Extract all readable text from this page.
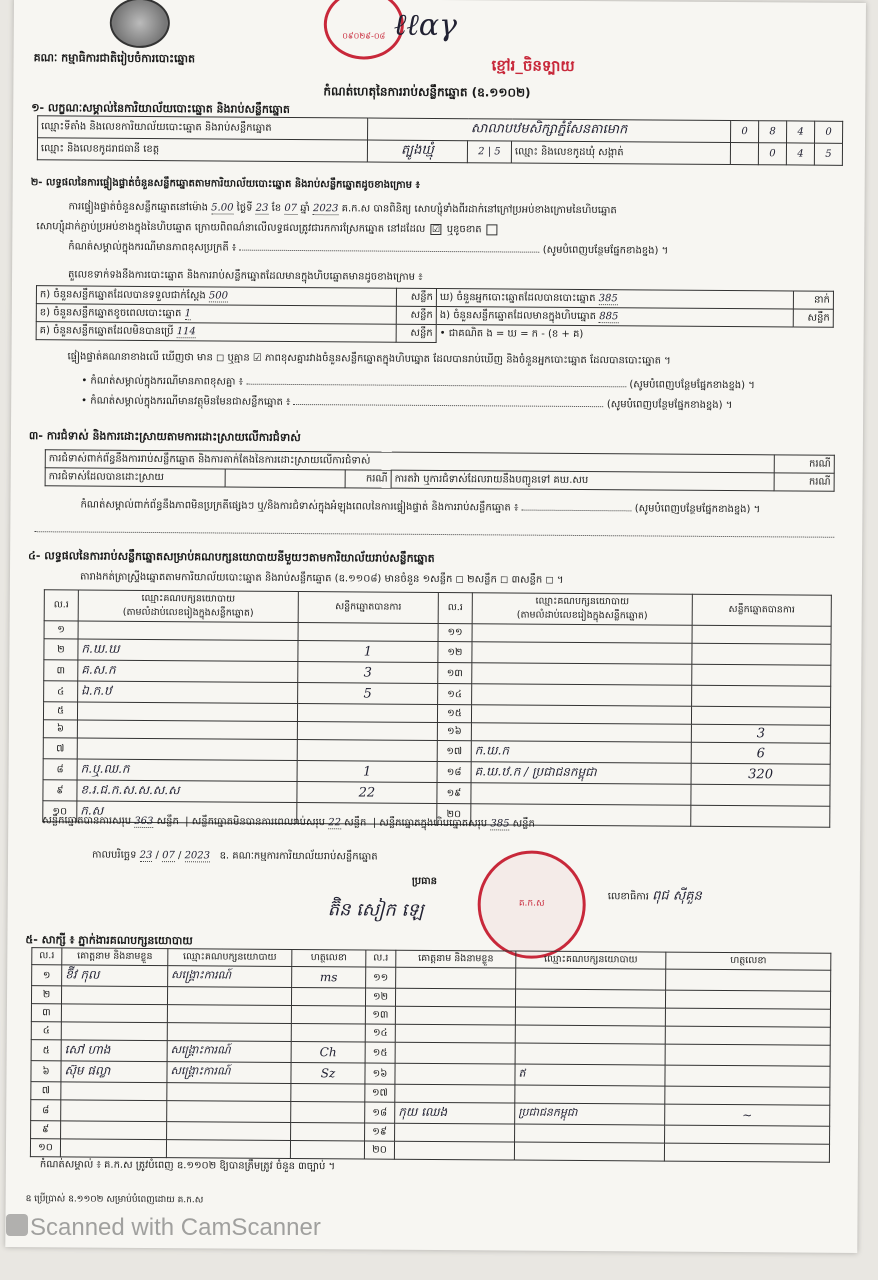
គណៈ កម្មាធិការជាតិរៀបចំការបោះឆ្នោត
០៩០២៩-០៨ ℓℓαγ
ខ្មៅរ_ចិនទ្បាយ
កំណត់ហេតុនៃការរាប់សន្លឹកឆ្នោត (ឧ.១១០២)
១- លក្ខណៈសម្គាល់នៃការិយាល័យបោះឆ្នោត និងរាប់សន្លឹកឆ្នោត
ឈ្មោះទីតាំង និងលេខការិយាល័យបោះឆ្នោត និងរាប់សន្លឹកឆ្នោត	សាលាបឋមសិក្សាភ្នំសែនតាមោក			0	8	4	0
ឈ្មោះ និងលេខកូដរាជធានី ខេត្ត	ត្បូងឃ្មុំ	2 | 5	ឈ្មោះ និងលេខកូដឃុំ សង្កាត់		0	4	5
២- លទ្ធផលនៃការផ្ទៀងផ្ទាត់ចំនួនសន្លឹកឆ្នោតតាមការិយាល័យបោះឆ្នោត និងរាប់សន្លឹកឆ្នោតដូចខាងក្រោម ៖
ការផ្ទៀងផ្ទាត់ចំនួនសន្លឹកឆ្នោតនៅម៉ោង 5.00 ថ្ងៃទី 23 ខែ 07 ឆ្នាំ 2023 គ.ក.ស បានពិនិត្យ សោហ្សុំទាំងពីរដាក់នៅក្រៅប្រអប់ខាងក្រោមនៃហិបឆ្នោត
សោហ្សុំដាក់ភ្ជាប់ប្រអប់ខាងក្នុងនៃហិបឆ្នោត ក្រោយពិពណ៌នាលើលទ្ធផលត្រូវជារកការស្រែកឆ្នោត នៅដដែល ☑ ឬខូចខាត
កំណត់សម្គាល់ក្នុងករណីមានភាពខុសប្រក្រតី ៖	(សូមបំពេញបន្ថែមផ្នែកខាងខ្នង) ។
តួលេខទាក់ទងនឹងការបោះឆ្នោត និងការរាប់សន្លឹកឆ្នោតដែលមានក្នុងហិបឆ្នោតមានដូចខាងក្រោម ៖
ក) ចំនួនសន្លឹកឆ្នោតដែលបានទទួលជាក់ស្ដែង 500	សន្លឹក	ឃ) ចំនួនអ្នកបោះឆ្នោតដែលបានបោះឆ្នោត 385	នាក់
ខ) ចំនួនសន្លឹកឆ្នោតខូចពេលបោះឆ្នោត 1	សន្លឹក	ង) ចំនួនសន្លឹកឆ្នោតដែលមានក្នុងហិបឆ្នោត 885	សន្លឹក
គ) ចំនួនសន្លឹកឆ្នោតដែលមិនបានប្រើ 114	សន្លឹក	• ជាគណិត ង = ឃ = ក - (ខ + គ)	
ផ្ទៀងផ្ទាត់គណនាខាងលើ ឃើញថា មាន ◻ ឬគ្មាន ☑ ភាពខុសគ្នារវាងចំនួនសន្លឹកឆ្នោតក្នុងហិបឆ្នោត ដែលបានរាប់ឃើញ និងចំនួនអ្នកបោះឆ្នោត ដែលបានបោះឆ្នោត ។
• កំណត់សម្គាល់ក្នុងករណីមានភាពខុសគ្នា ៖	(សូមបំពេញបន្ថែមផ្នែកខាងខ្នង) ។
• កំណត់សម្គាល់ក្នុងករណីមានវត្ថុមិនមែនជាសន្លឹកឆ្នោត ៖	(សូមបំពេញបន្ថែមផ្នែកខាងខ្នង) ។
៣- ការជំទាស់ និងការដោះស្រាយតាមការដោះស្រាយលើការជំទាស់
ការជំទាស់ពាក់ព័ន្ធនឹងការរាប់សន្លឹកឆ្នោត និងការតាក់តែងនៃការដោះស្រាយលើការជំទាស់				ករណី
ការជំទាស់ដែលបានដោះស្រាយ		ករណី	ការតវ៉ា ឬការជំទាស់ដែលរាយនឹងបញ្ជូនទៅ គឃ.សប	ករណី
កំណត់សម្គាល់ពាក់ព័ន្ធនឹងភាពមិនប្រក្រតីផ្សេងៗ ឬ/និងការជំទាស់ក្នុងអំឡុងពេលនៃការផ្ទៀងផ្ទាត់ និងការរាប់សន្លឹកឆ្នោត ៖	(សូមបំពេញបន្ថែមផ្នែកខាងខ្នង) ។
៤- លទ្ធផលនៃការរាប់សន្លឹកឆ្នោតសម្រាប់គណបក្សនយោបាយនីមួយៗតាមការិយាល័យរាប់សន្លឹកឆ្នោត
តារាងកត់ត្រាស្ទ្រីងឆ្នោតតាមការិយាល័យបោះឆ្នោត និងរាប់សន្លឹកឆ្នោត (ឧ.១១០៨) មានចំនួន ១សន្លឹក ◻ ២សន្លឹក ◻ ៣សន្លឹក ◻ ។
ល.រ	ឈ្មោះគណបក្សនយោបាយ
(តាមលំដាប់លេខរៀងក្នុងសន្លឹកឆ្នោត)	សន្លឹកឆ្នោតបានការ	ល.រ	ឈ្មោះគណបក្សនយោបាយ
(តាមលំដាប់លេខរៀងក្នុងសន្លឹកឆ្នោត)	សន្លឹកឆ្នោតបានការ
១			១១		
២	ក.ឃ.ឃ	1	១២		
៣	គ.ស.ក	3	១៣		
៤	ឯ.ក.ឋ	5	១៤		
៥			១៥		
៦			១៦		3
៧			១៧	ក.ឃ.ក	6
៨	ក.ឬ.ឈ.ក	1	១៨	គ.ឃ.ឋ.ក / ប្រជាជនកម្ពុជា	320
៩	ខ.រ.ជ.ក.ស.ស.ស.ស	22	១៩		
១០	ក.ស		២០		
សន្លឹកឆ្នោតបានការសរុប 363 សន្លឹក  | សន្លឹកឆ្នោតមិនបានការពេលរាប់សរុប 22 សន្លឹក  | សន្លឹកឆ្នោតក្នុងហិបឆ្នោតសរុប 385 សន្លឹក
កាលបរិច្ឆេទ 23 / 07 / 2023 ឧ. គណៈកម្មការការិយាល័យរាប់សន្លឹកឆ្នោត
ប្រធាន
ត៊ិន សៀក ឡេ	គ.ក.ស
លេខាធិការ ពុជ សុីគួន
៥- សាក្សី ៖ ភ្នាក់ងារគណបក្សនយោបាយ
ល.រ	គោត្តនាម និងនាមខ្លួន	ឈ្មោះគណបក្សនយោបាយ	ហត្ថលេខា	ល.រ	គោត្តនាម និងនាមខ្លួន	ឈ្មោះគណបក្សនយោបាយ	ហត្ថលេខា
១	ខ៊ីវ កុល	សង្គ្រោះការណ៍	ms	១១			
២				១២			
៣				១៣			
៤				១៤			
៥	សៅ ហាង	សង្គ្រោះការណ៍	Ch	១៥			
៦	ស៊ុម ផល្លា	សង្គ្រោះការណ៍	Sz	១៦		ឥ	
៧				១៧			
៨				១៨	កុយ ឈេង	ប្រជាជនកម្ពុជា	~
៩				១៩			
១០				២០			
កំណត់សម្គាល់ ៖ គ.ក.ស ត្រូវបំពេញ ឧ.១១០២ ឱ្យបានត្រឹមត្រូវ ចំនួន ៣ច្បាប់ ។
ឧ ប្រើប្រាស់ ឧ.១១០២ សម្រាប់បំពេញដោយ គ.ក.ស
Scanned with CamScanner
